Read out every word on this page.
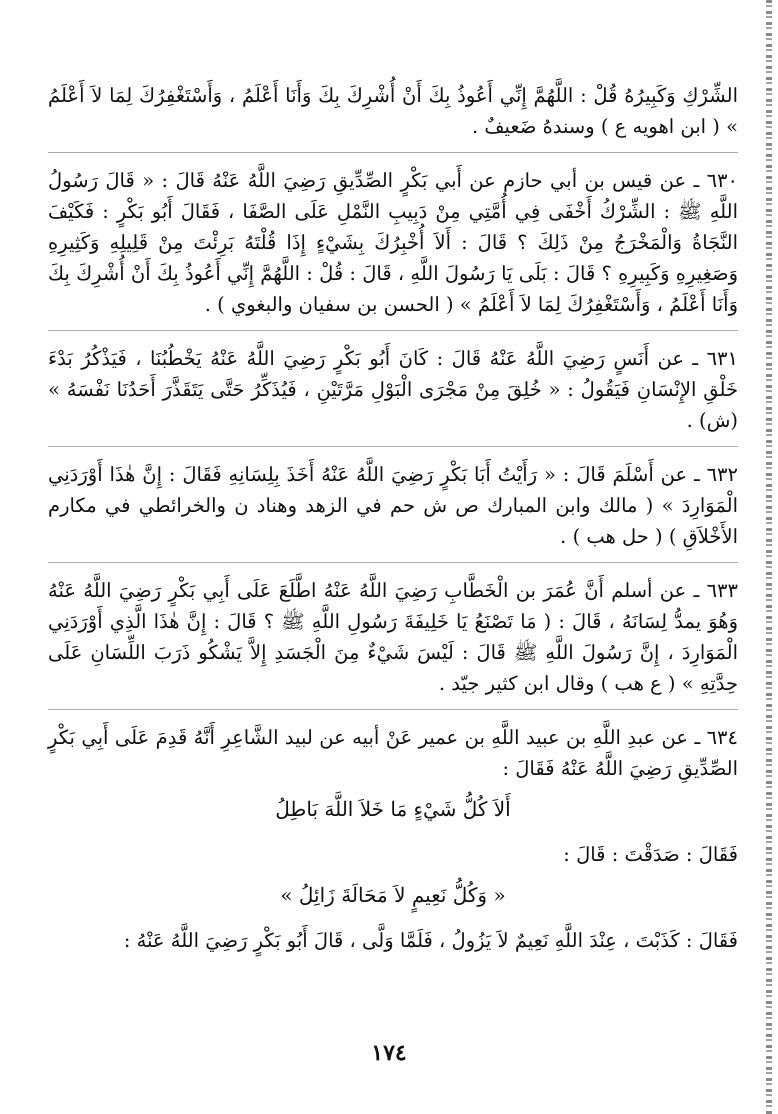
الشِّرْكِ وَكَبِيرُهُ قُلْ : اللَّهُمَّ إِنِّي أَعُوذُ بِكَ أَنْ أُشْرِكَ بِكَ وَأَنَا أَعْلَمُ ، وَأَسْتَغْفِرُكَ لِمَا لاَ أَعْلَمُ » ( ابن اهويه ع ) وسندهُ ضَعيفٌ .

٦٣٠ ـ عن قيس بن أبي حازم عن أَبي بَكْرٍ الصِّدِّيقِ رَضِيَ اللَّهُ عَنْهُ قَالَ : « قَالَ رَسُولُ اللَّهِ ﷺ : الشِّرْكُ أَخْفَى فِي أُمَّتِي مِنْ دَبِيبِ النَّمْلِ عَلَى الصَّفَا ، فَقَالَ أَبُو بَكْرٍ : فَكَيْفَ النَّجَاةُ وَالْمَخْرَجُ مِنْ ذَلِكَ ؟ قَالَ : أَلاَ أُخْبِرُكَ بِشَيْءٍ إِذَا قُلْتَهُ بَرِئْتَ مِنْ قَلِيلِهِ وَكَثِيرِهِ وَصَغِيرِهِ وَكَبِيرِهِ ؟ قَالَ : بَلَى يَا رَسُولَ اللَّهِ ، قَالَ : قُلْ : اللَّهُمَّ إِنِّي أَعُوذُ بِكَ أَنْ أُشْرِكَ بِكَ وَأَنَا أَعْلَمُ ، وَأَسْتَغْفِرُكَ لِمَا لاَ أَعْلَمُ » ( الحسن بن سفيان والبغوي ) .

٦٣١ ـ عن أَنَسٍ رَضِيَ اللَّهُ عَنْهُ قَالَ : كَانَ أَبُو بَكْرٍ رَضِيَ اللَّهُ عَنْهُ يَخْطُبُنَا ، فَيَذْكُرُ بَدْءَ خَلْقِ الإِنْسَانِ فَيَقُولُ : « خُلِقَ مِنْ مَجْرَى الْبَوْلِ مَرَّتَيْنِ ، فَيُذَكِّرُ حَتَّى يَتَقَذَّرَ أَحَدُنَا نَفْسَهُ » (ش) .

٦٣٢ ـ عن أَسْلَمَ قَالَ : « رَأَيْتُ أَبَا بَكْرٍ رَضِيَ اللَّهُ عَنْهُ أَخَذَ بِلِسَانِهِ فَقَالَ : إِنَّ هٰذَا أَوْرَدَنِي الْمَوَارِدَ » ( مالك وابن المبارك ص ش حم في الزهد وهناد ن والخرائطي في مكارم الأَخْلاَقِ ) ( حل هب ) .

٦٣٣ ـ عن أسلم أَنَّ عُمَرَ بن الْخَطَّابِ رَضِيَ اللَّهُ عَنْهُ اطَّلَعَ عَلَى أَبِي بَكْرٍ رَضِيَ اللَّهُ عَنْهُ وَهُوَ يمدُّ لِسَانَهُ ، قَالَ : ( مَا تَصْنَعُ يَا خَلِيفَةَ رَسُولِ اللَّهِ ﷺ ؟ قَالَ : إِنَّ هٰذَا الَّذِي أَوْرَدَنِي الْمَوَارِدَ ، إِنَّ رَسُولَ اللَّهِ ﷺ قَالَ : لَيْسَ شَيْءٌ مِنَ الْجَسَدِ إِلاَّ يَشْكُو ذَرَبَ اللِّسَانِ عَلَى حِدَّتِهِ » ( ع هب ) وقال ابن كثير جيّد .

٦٣٤ ـ عن عبدِ اللَّهِ بن عبيد اللَّهِ بن عمير عَنْ أبيه عن لبيد الشَّاعِرِ أَنَّهُ قَدِمَ عَلَى أَبِي بَكْرٍ الصِّدِّيقِ رَضِيَ اللَّهُ عَنْهُ فَقَالَ :

أَلاَ كُلُّ شَيْءٍ مَا خَلاَ اللَّهَ بَاطِلُ
فَقَالَ : صَدَقْتَ : قَالَ :
« وَكُلُّ نَعِيمٍ لاَ مَحَالَةَ زَائِلُ »

فَقَالَ : كَذَبْتَ ، عِنْدَ اللَّهِ نَعِيمٌ لاَ يَزُولُ ، فَلَمَّا وَلَّى ، قَالَ أَبُو بَكْرٍ رَضِيَ اللَّهُ عَنْهُ :

١٧٤
